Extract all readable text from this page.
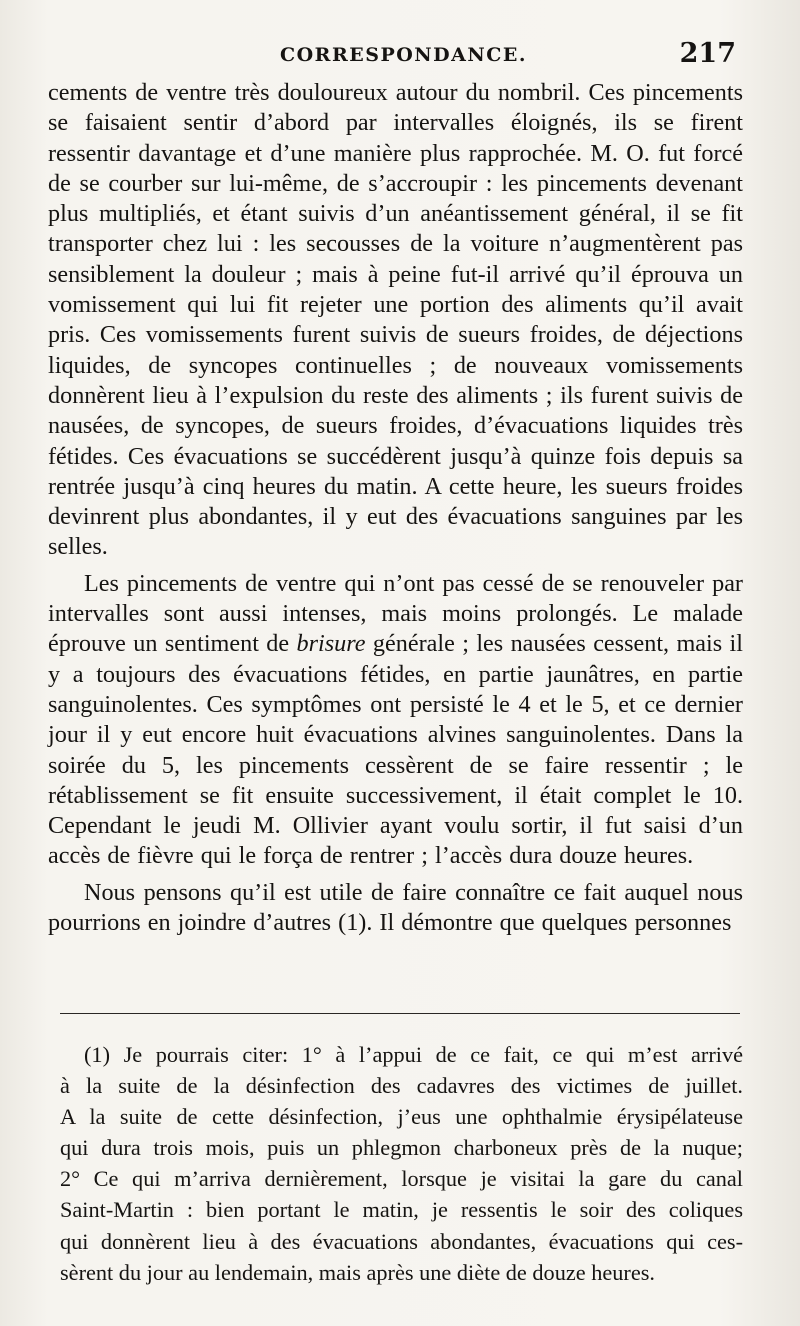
CORRESPONDANCE.	217

cements de ventre très douloureux autour du nombril. Ces pincements se faisaient sentir d’abord par intervalles éloignés, ils se firent ressentir davantage et d’une manière plus rapprochée. M. O. fut forcé de se courber sur lui-même, de s’accroupir : les pincements devenant plus multipliés, et étant suivis d’un anéantissement général, il se fit transporter chez lui : les secousses de la voiture n’augmentèrent pas sensiblement la douleur ; mais à peine fut-il arrivé qu’il éprouva un vomissement qui lui fit rejeter une portion des aliments qu’il avait pris. Ces vomissements furent suivis de sueurs froides, de déjections liquides, de syncopes continuelles ; de nouveaux vomissements donnèrent lieu à l’expulsion du reste des aliments ; ils furent suivis de nausées, de syncopes, de sueurs froides, d’évacuations liquides très fétides. Ces évacuations se succédèrent jusqu’à quinze fois depuis sa rentrée jusqu’à cinq heures du matin. A cette heure, les sueurs froides devinrent plus abondantes, il y eut des évacuations sanguines par les selles.

Les pincements de ventre qui n’ont pas cessé de se renouveler par intervalles sont aussi intenses, mais moins prolongés. Le malade éprouve un sentiment de brisure générale ; les nausées cessent, mais il y a toujours des évacuations fétides, en partie jaunâtres, en partie sanguinolentes. Ces symptômes ont persisté le 4 et le 5, et ce dernier jour il y eut encore huit évacuations alvines sanguinolentes. Dans la soirée du 5, les pincements cessèrent de se faire ressentir ; le rétablissement se fit ensuite successivement, il était complet le 10. Cependant le jeudi M. Ollivier ayant voulu sortir, il fut saisi d’un accès de fièvre qui le força de rentrer ; l’accès dura douze heures.

Nous pensons qu’il est utile de faire connaître ce fait auquel nous pourrions en joindre d’autres (1). Il démontre que quelques personnes

(1) Je pourrais citer: 1° à l’appui de ce fait, ce qui m’est arrivé
à la suite de la désinfection des cadavres des victimes de juillet.
A la suite de cette désinfection, j’eus une ophthalmie érysipélateuse
qui dura trois mois, puis un phlegmon charboneux près de la nuque;
2° Ce qui m’arriva dernièrement, lorsque je visitai la gare du canal
Saint-Martin : bien portant le matin, je ressentis le soir des coliques
qui donnèrent lieu à des évacuations abondantes, évacuations qui ces-
sèrent du jour au lendemain, mais après une diète de douze heures.
